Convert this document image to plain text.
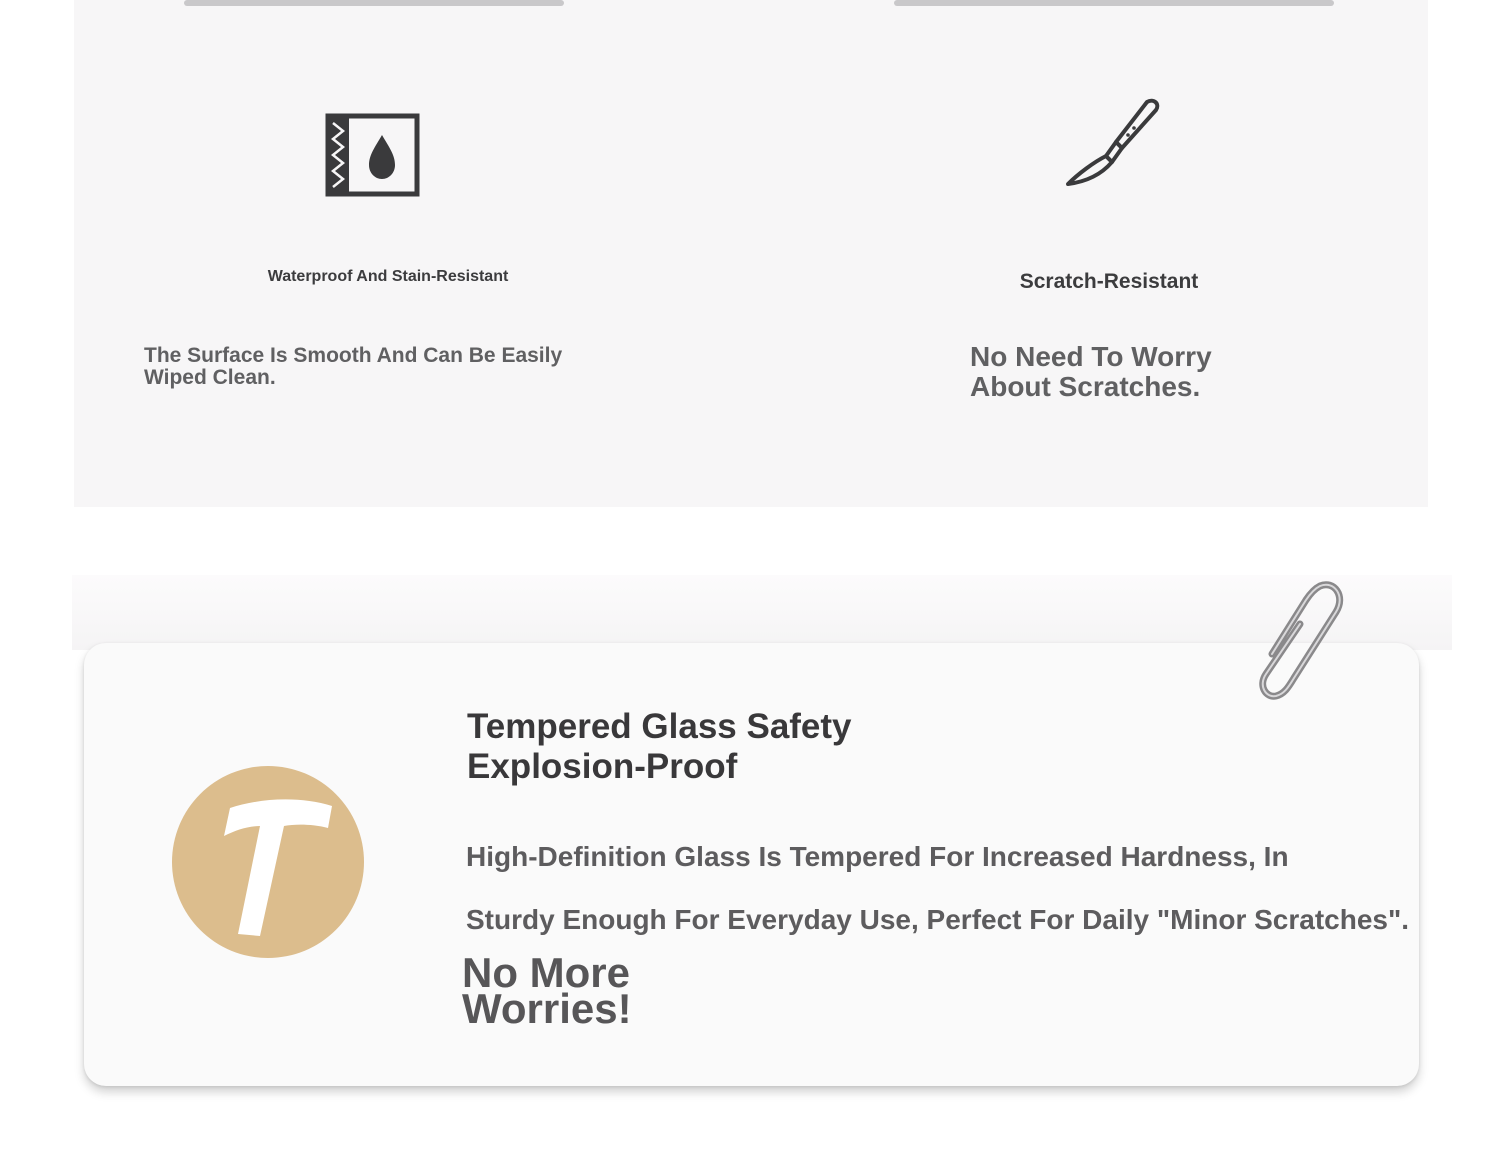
Waterproof And Stain-Resistant	Scratch-Resistant
The Surface Is Smooth And Can Be Easily Wiped Clean.
No Need To Worry About Scratches.
Tempered Glass Safety Explosion-Proof
High-Definition Glass Is Tempered For Increased Hardness, In
Sturdy Enough For Everyday Use, Perfect For Daily "Minor Scratches".
No More Worries!
